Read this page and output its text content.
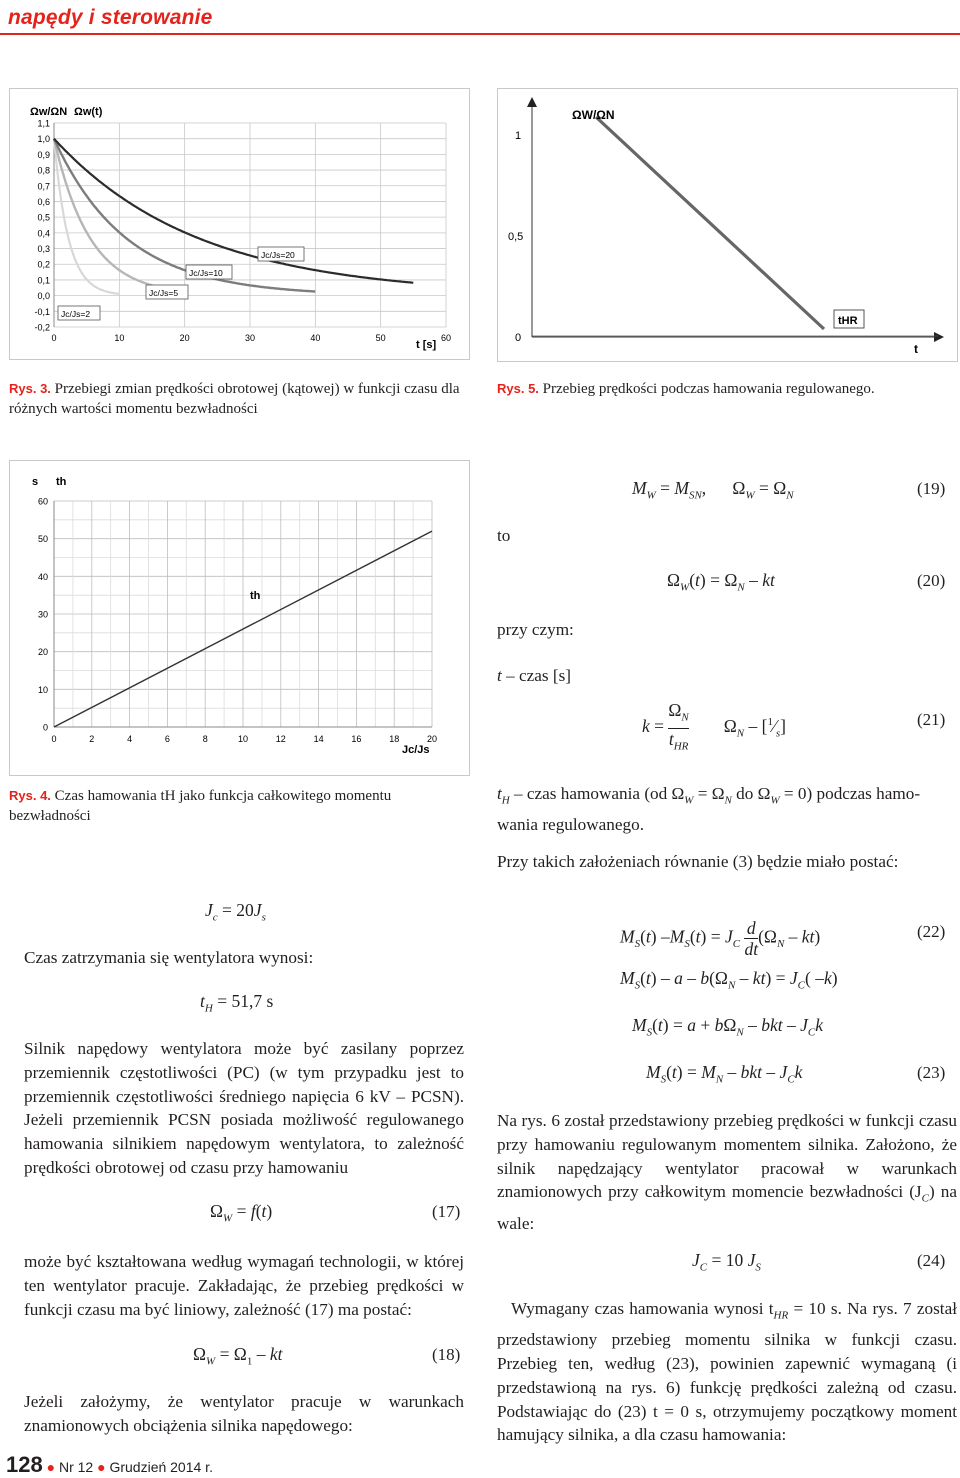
napędy i sterowanie
1,1
1,0
0,9
0,8
0,7
0,6
0,5
0,4
0,3
0,2
0,1
0,0
-0,1
-0,2
0	10	20	30	40	50	60
Ωw/ΩN Ωw(t)
t [s]
Jc/Js=2
Jc/Js=5
Jc/Js=10
Jc/Js=20
Rys. 3. Przebiegi zmian prędkości obrotowej (kątowej) w funkcji czasu dla różnych wartości momentu bezwładności
ΩW/ΩN
1
0,5
0
tHR
t
Rys. 5. Przebieg prędkości podczas hamowania regulowanego.
60
50
40
30
20
10
0
0	2	4	6	8	10	12	14	16	18	20
s th
th
Jc/Js
Rys. 4. Czas hamowania tH jako funkcja całkowitego momentu bezwładności
$M_W = M_{SN}$,      $\Omega_W = \Omega_N$	(19)
to
$\Omega_W(t) = \Omega_N$ – kt	(20)
przy czym:
t – czas [s]
$k = \frac{\Omega_N}{t_{HR}} \Omega_N$ – $[^1⁄_s]$	(21)
$t_H$ – czas hamowania (od $\Omega_W = \Omega_N$ do $\Omega_W = 0$) podczas hamo-
wania regulowanego.
Przy takich założeniach równanie (3) będzie miało postać:
$J_c = 20J_s$
Czas zatrzymania się wentylatora wynosi:
$t_H = 51,7$ s
Silnik napędowy wentylatora może być zasilany poprzez przemiennik częstotliwości (PC) (w tym przypadku jest to przemiennik częstotliwości średniego napięcia 6 kV – PCSN). Jeżeli przemiennik PCSN posiada możliwość regulowanego hamowania silnikiem napędowym wentylatora, to zależność prędkości obrotowej od czasu przy hamowaniu
$\Omega_W = f(t)$	(17)
może być kształtowana według wymagań technologii, w której ten wentylator pracuje. Zakładając, że przebieg prędkości w funkcji czasu ma być liniowy, zależność (17) ma postać:
$\Omega_W = \Omega_1$ – kt	(18)
Jeżeli założymy, że wentylator pracuje w warunkach znamionowych obciążenia silnika napędowego:
$M_S(t) -M_S(t) = J_C \frac{d}{dt} (\Omega_N - kt)$	(22)
$M_S(t) - a - b(\Omega_N - kt) = J_C$( –k)
$M_S(t) = a + b\Omega_N$ – bkt – $J_Ck$
$M_S(t) = M_N$ – bkt – $J_Ck$	(23)
Na rys. 6 został przedstawiony przebieg prędkości w funkcji czasu przy hamowaniu regulowanym momentem silnika. Założono, że silnik napędzający wentylator pracował w warunkach znamionowych przy całkowitym momencie bezwładności $(J_C)$ na wale:
$J_C = 10$ $J_S$	(24)
Wymagany czas hamowania wynosi $t_{HR} = 10$ s. Na rys. 7 został przedstawiony przebieg momentu silnika w funkcji czasu. Przebieg ten, według (23), powinien zapewnić wymaganą (i przedstawioną na rys. 6) funkcję prędkości zależną od czasu. Podstawiając do (23) t = 0 s, otrzymujemy początkowy moment hamujący silnika, a dla czasu hamowania:
128 ● Nr 12 ● Grudzień 2014 r.
